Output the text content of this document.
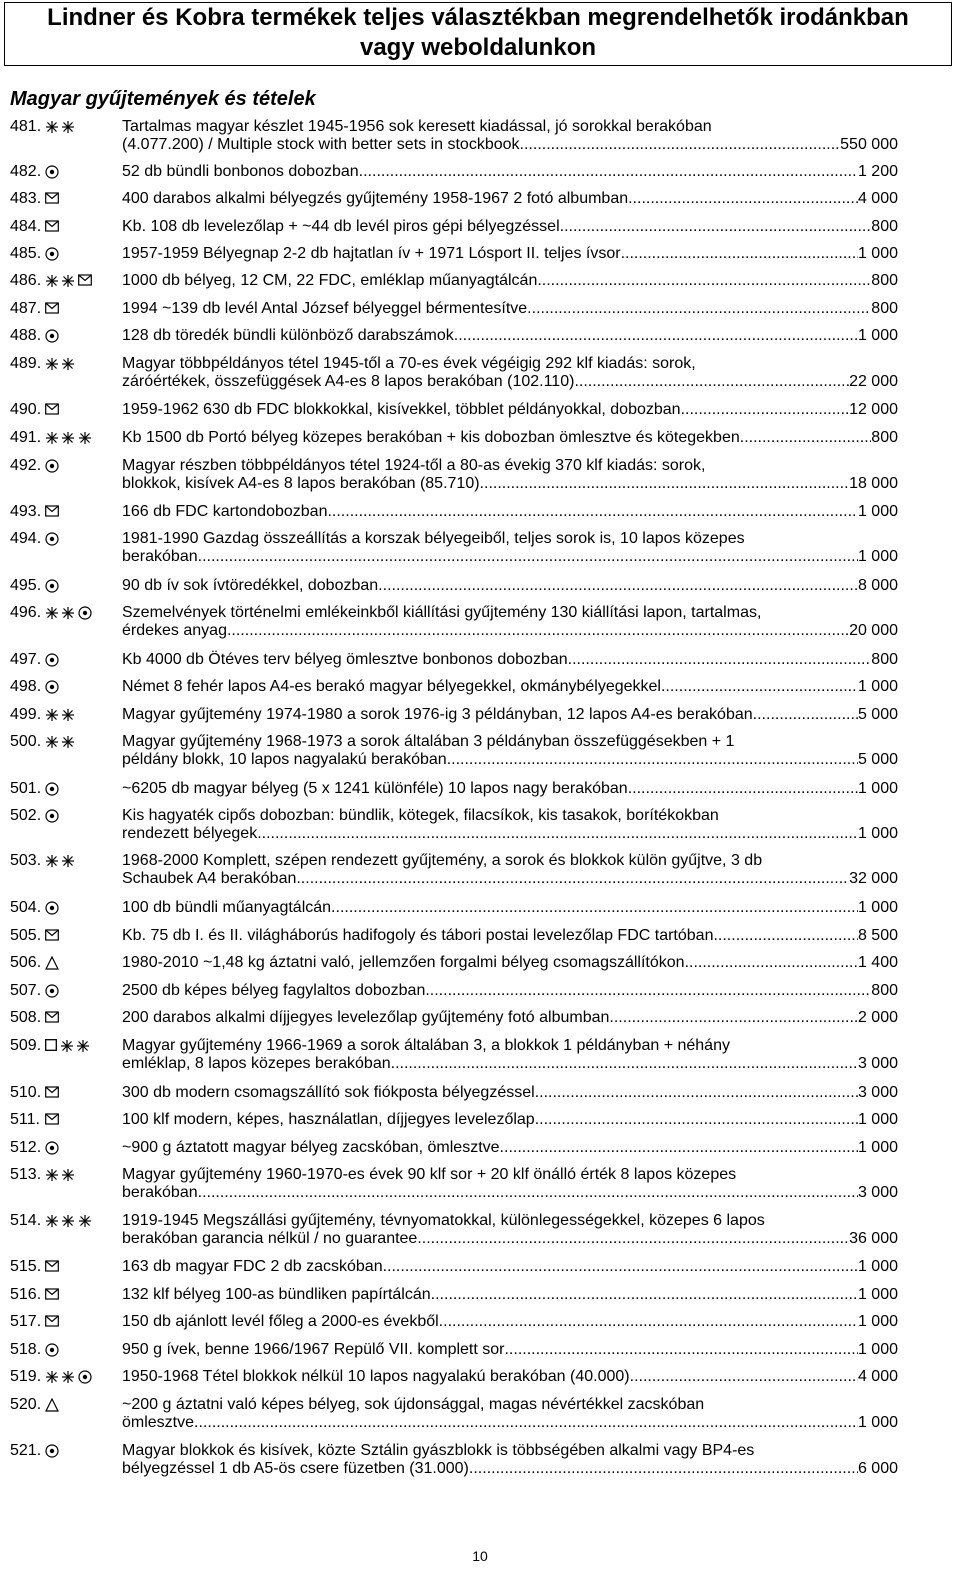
Lindner és Kobra termékek teljes választékban megrendelhetők irodánkban
vagy weboldalunkon
Magyar gyűjtemények és tételek
481.	Tartalmas magyar készlet 1945-1956 sok keresett kiadással, jó sorokkal berakóban
(4.077.200) / Multiple stock with better sets in stockbook .....	550 000
482.	52 db bündli bonbonos dobozban .....	1 200
483.	400 darabos alkalmi bélyegzés gyűjtemény 1958-1967 2 fotó albumban .....	4 000
484.	Kb. 108 db levelezőlap + ~44 db levél piros gépi bélyegzéssel .....	800
485.	1957-1959 Bélyegnap 2-2 db hajtatlan ív + 1971 Lósport II. teljes ívsor .....	1 000
486.	1000 db bélyeg, 12 CM, 22 FDC, emléklap műanyagtálcán .....	800
487.	1994 ~139 db levél Antal József bélyeggel bérmentesítve .....	800
488.	128 db töredék bündli különböző darabszámok .....	1 000
489.	Magyar többpéldányos tétel 1945-től a 70-es évek végéigig 292 klf kiadás: sorok,
záróértékek, összefüggések A4-es 8 lapos berakóban (102.110) .....	22 000
490.	1959-1962 630 db FDC blokkokkal, kisívekkel, többlet példányokkal, dobozban .....	12 000
491.	Kb 1500 db Portó bélyeg közepes berakóban + kis dobozban ömlesztve és kötegekben .....	800
492.	Magyar részben többpéldányos tétel 1924-től a 80-as évekig 370 klf kiadás: sorok,
blokkok, kisívek A4-es 8 lapos berakóban (85.710) .....	18 000
493.	166 db FDC kartondobozban .....	1 000
494.	1981-1990 Gazdag összeállítás a korszak bélyegeiből, teljes sorok is, 10 lapos közepes
berakóban .....	1 000
495.	90 db ív sok ívtöredékkel, dobozban .....	8 000
496.	Szemelvények történelmi emlékeinkből kiállítási gyűjtemény 130 kiállítási lapon, tartalmas,
érdekes anyag .....	20 000
497.	Kb 4000 db Ötéves terv bélyeg ömlesztve bonbonos dobozban .....	800
498.	Német 8 fehér lapos A4-es berakó magyar bélyegekkel, okmánybélyegekkel .....	1 000
499.	Magyar gyűjtemény 1974-1980 a sorok 1976-ig 3 példányban, 12 lapos A4-es berakóban .....	5 000
500.	Magyar gyűjtemény 1968-1973 a sorok általában 3 példányban összefüggésekben + 1
példány blokk, 10 lapos nagyalakú berakóban .....	5 000
501.	~6205 db magyar bélyeg (5 x 1241 különféle) 10 lapos nagy berakóban .....	1 000
502.	Kis hagyaték cipős dobozban: bündlik, kötegek, filacsíkok, kis tasakok, borítékokban
rendezett bélyegek .....	1 000
503.	1968-2000 Komplett, szépen rendezett gyűjtemény, a sorok és blokkok külön gyűjtve, 3 db
Schaubek A4 berakóban .....	32 000
504.	100 db bündli műanyagtálcán .....	1 000
505.	Kb. 75 db I. és II. világháborús hadifogoly és tábori postai levelezőlap FDC tartóban .....	8 500
506.	1980-2010 ~1,48 kg áztatni való, jellemzően forgalmi bélyeg csomagszállítókon .....	1 400
507.	2500 db képes bélyeg fagylaltos dobozban .....	800
508.	200 darabos alkalmi díjjegyes levelezőlap gyűjtemény fotó albumban .....	2 000
509.	Magyar gyűjtemény 1966-1969 a sorok általában 3, a blokkok 1 példányban + néhány
emléklap, 8 lapos közepes berakóban .....	3 000
510.	300 db modern csomagszállító sok fiókposta bélyegzéssel .....	3 000
511.	100 klf modern, képes, használatlan, díjjegyes levelezőlap .....	1 000
512.	~900 g áztatott magyar bélyeg zacskóban, ömlesztve .....	1 000
513.	Magyar gyűjtemény 1960-1970-es évek 90 klf sor + 20 klf önálló érték 8 lapos közepes
berakóban .....	3 000
514.	1919-1945 Megszállási gyűjtemény, tévnyomatokkal, különlegességekkel, közepes 6 lapos
berakóban garancia nélkül / no guarantee .....	36 000
515.	163 db magyar FDC 2 db zacskóban .....	1 000
516.	132 klf bélyeg 100-as bündliken papírtálcán .....	1 000
517.	150 db ajánlott levél főleg a 2000-es évekből .....	1 000
518.	950 g ívek, benne 1966/1967 Repülő VII. komplett sor .....	1 000
519.	1950-1968 Tétel blokkok nélkül 10 lapos nagyalakú berakóban (40.000) .....	4 000
520.	~200 g áztatni való képes bélyeg, sok újdonsággal, magas névértékkel zacskóban
ömlesztve .....	1 000
521.	Magyar blokkok és kisívek, közte Sztálin gyászblokk is többségében alkalmi vagy BP4-es
bélyegzéssel 1 db A5-ös csere füzetben (31.000) .....	6 000
10
